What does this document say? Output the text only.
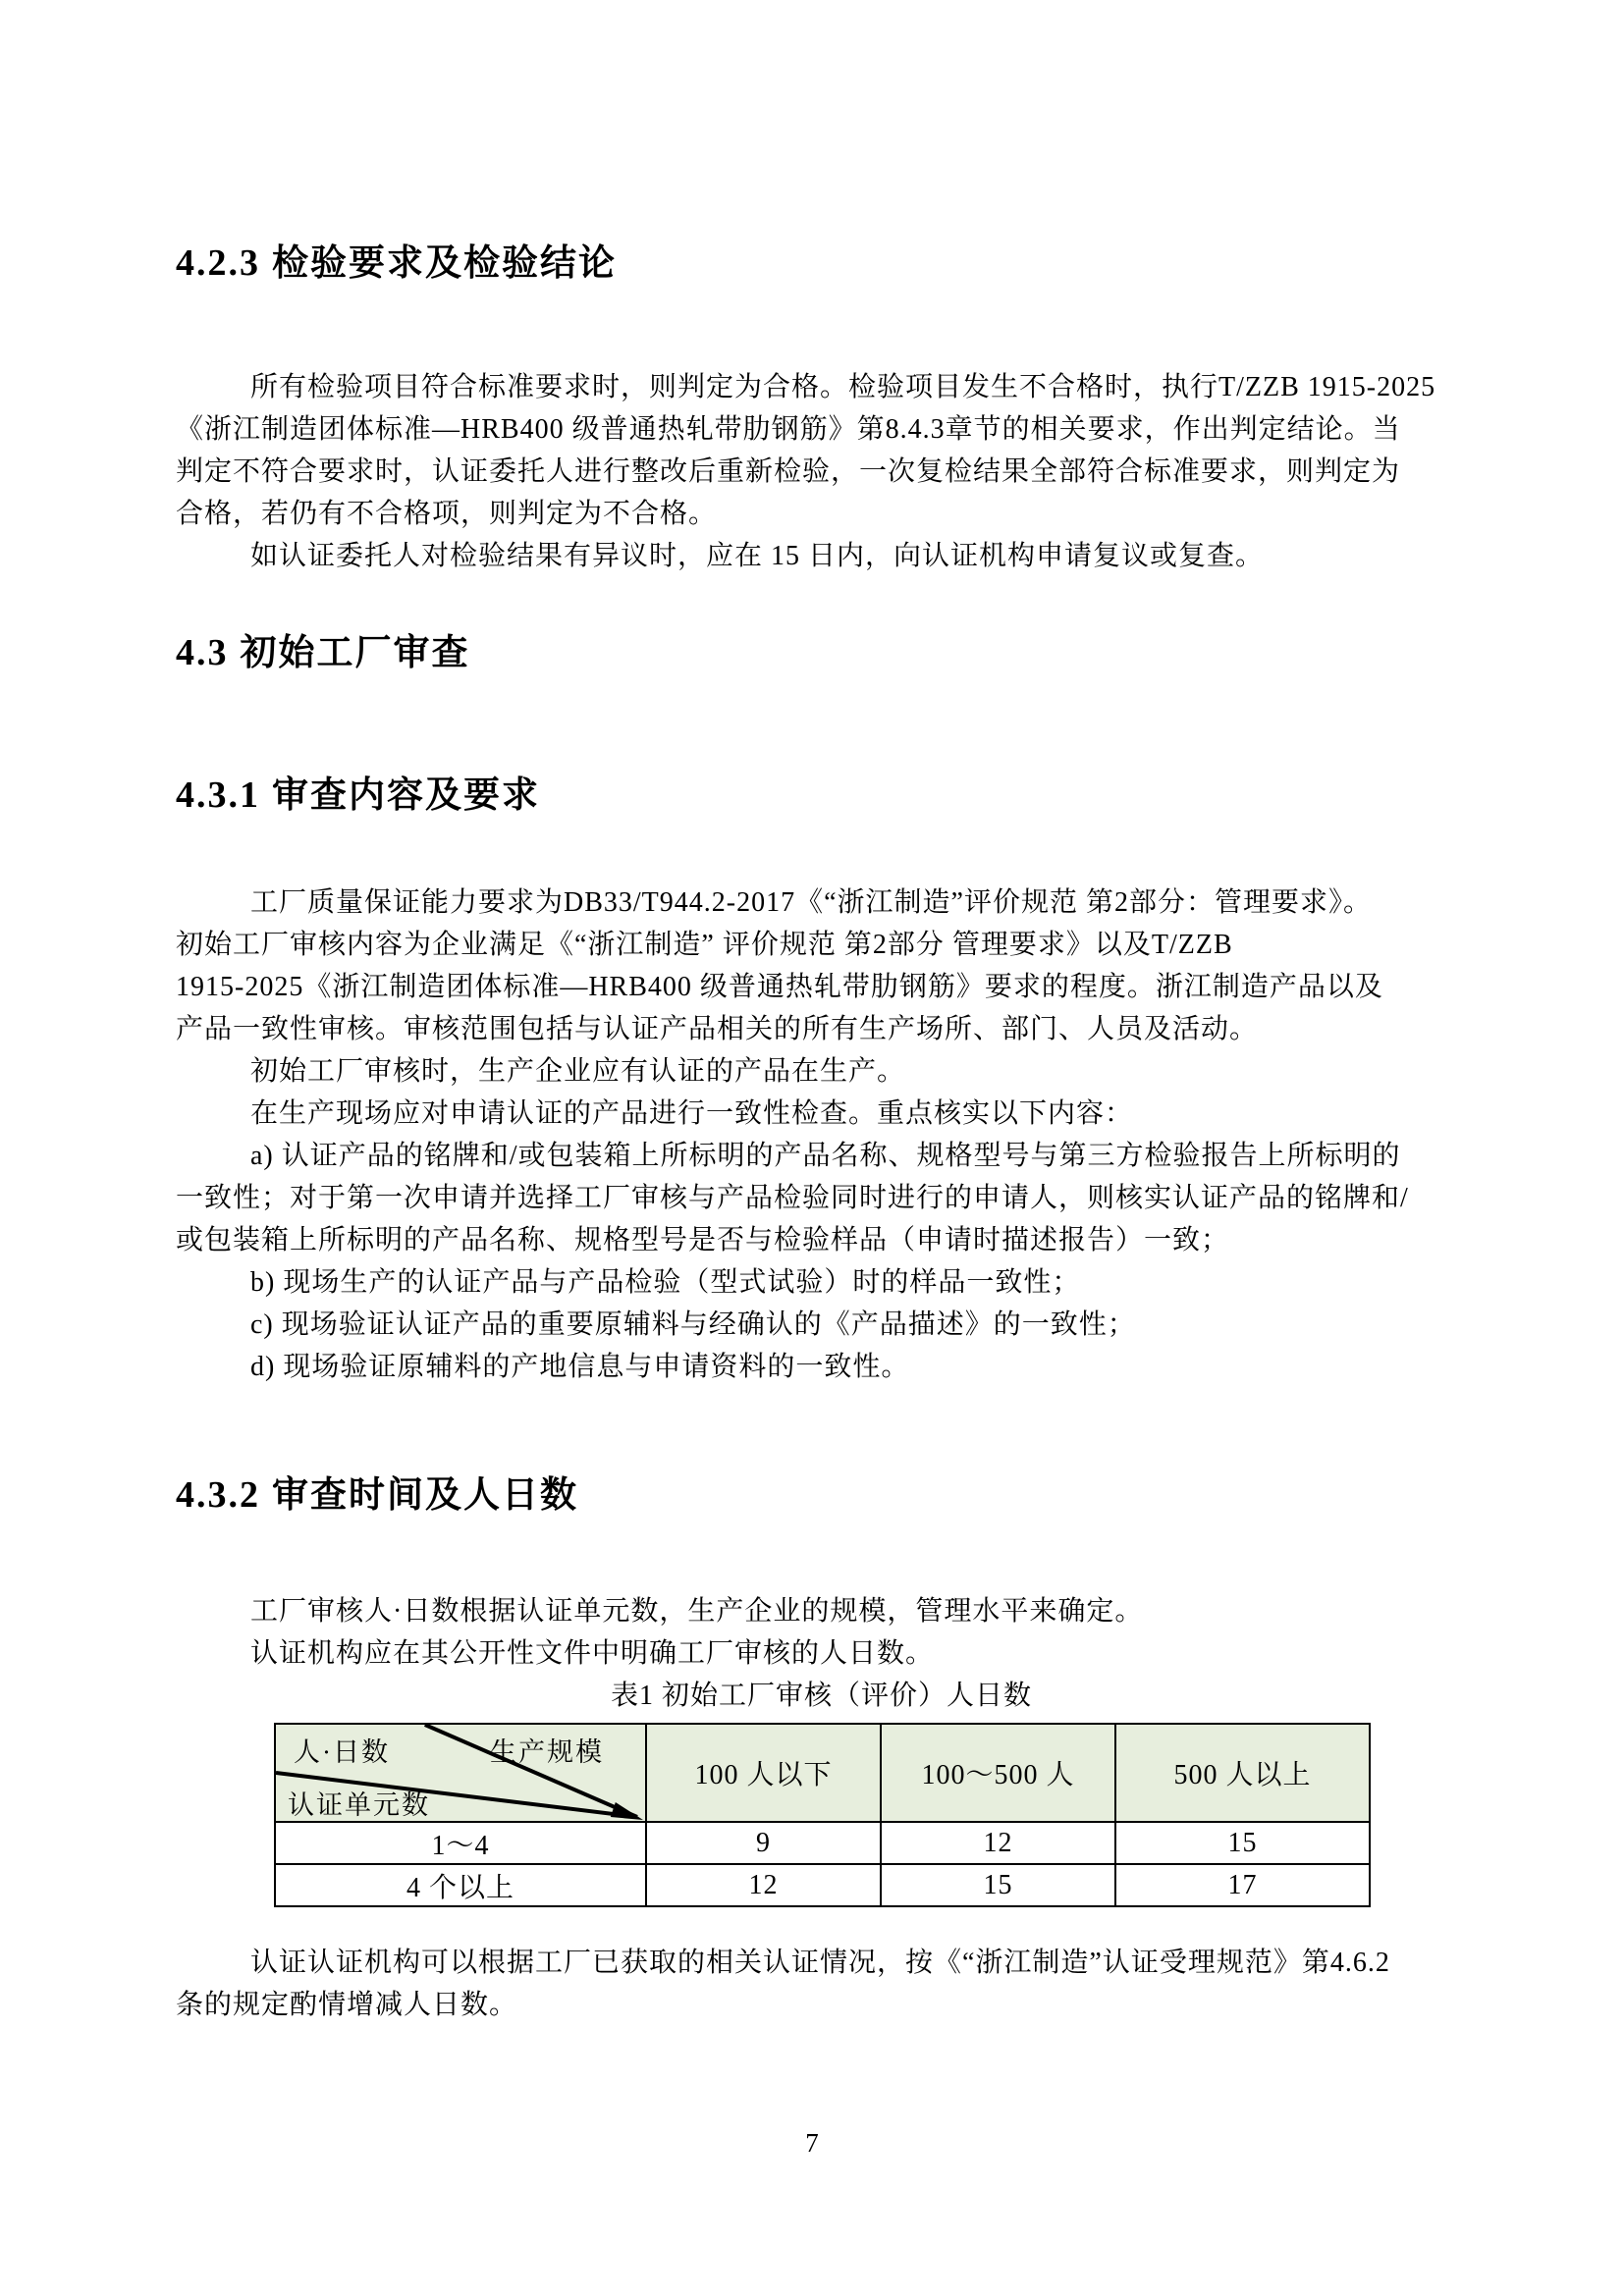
4.2.3 检验要求及检验结论
所有检验项目符合标准要求时，则判定为合格。检验项目发生不合格时，执行T/ZZB 1915-2025
《浙江制造团体标准—HRB400 级普通热轧带肋钢筋》第8.4.3章节的相关要求，作出判定结论。当
判定不符合要求时，认证委托人进行整改后重新检验，一次复检结果全部符合标准要求，则判定为
合格，若仍有不合格项，则判定为不合格。
如认证委托人对检验结果有异议时，应在 15 日内，向认证机构申请复议或复查。
4.3 初始工厂审查
4.3.1 审查内容及要求
工厂质量保证能力要求为DB33/T944.2-2017《“浙江制造”评价规范 第2部分：管理要求》。
初始工厂审核内容为企业满足《“浙江制造” 评价规范 第2部分 管理要求》以及T/ZZB
1915-2025《浙江制造团体标准—HRB400 级普通热轧带肋钢筋》要求的程度。浙江制造产品以及
产品一致性审核。审核范围包括与认证产品相关的所有生产场所、部门、人员及活动。
初始工厂审核时，生产企业应有认证的产品在生产。
在生产现场应对申请认证的产品进行一致性检查。重点核实以下内容：
a) 认证产品的铭牌和/或包装箱上所标明的产品名称、规格型号与第三方检验报告上所标明的
一致性；对于第一次申请并选择工厂审核与产品检验同时进行的申请人，则核实认证产品的铭牌和/
或包装箱上所标明的产品名称、规格型号是否与检验样品（申请时描述报告）一致；
b) 现场生产的认证产品与产品检验（型式试验）时的样品一致性；
c) 现场验证认证产品的重要原辅料与经确认的《产品描述》的一致性；
d) 现场验证原辅料的产地信息与申请资料的一致性。
4.3.2 审查时间及人日数
工厂审核人·日数根据认证单元数，生产企业的规模，管理水平来确定。
认证机构应在其公开性文件中明确工厂审核的人日数。
表1 初始工厂审核（评价）人日数
人·日数 生产规模
认证单元数	100 人以下	100～500 人	500 人以上
1～4	9	12	15
4 个以上	12	15	17
认证认证机构可以根据工厂已获取的相关认证情况，按《“浙江制造”认证受理规范》第4.6.2
条的规定酌情增减人日数。
7
